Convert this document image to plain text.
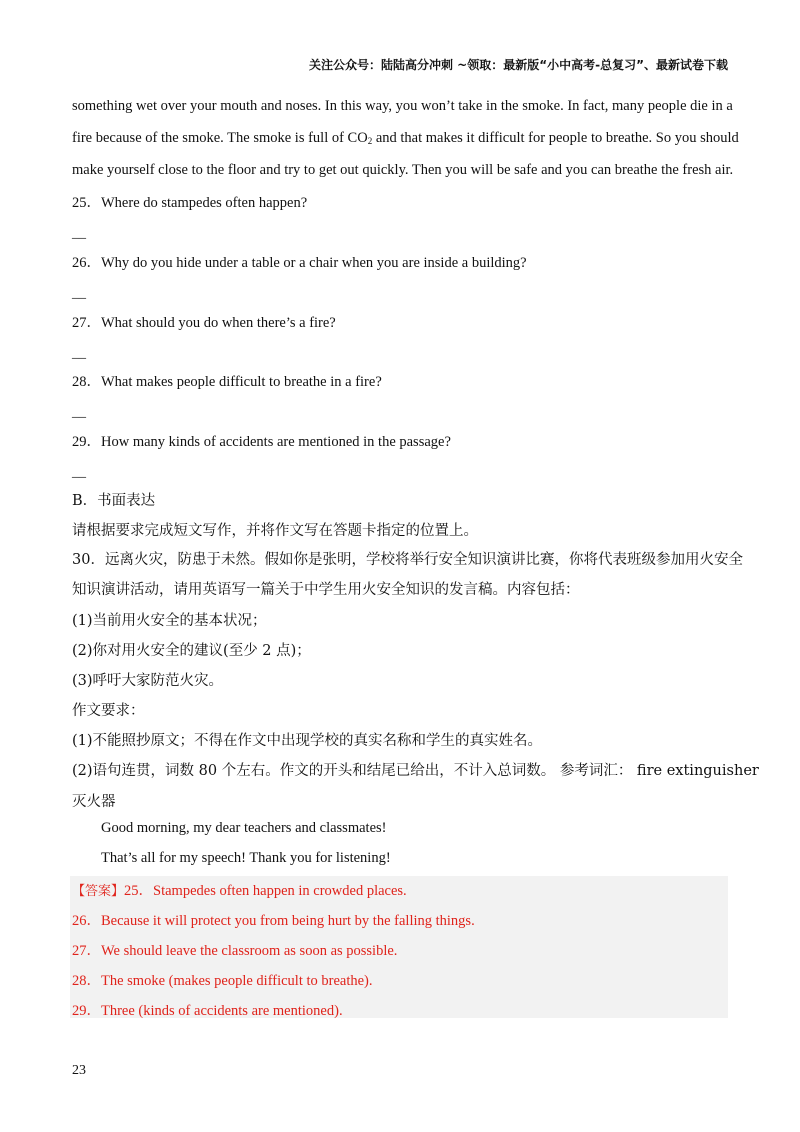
关注公众号：陆陆高分冲刺 ~领取：最新版“小中高考-总复习”、最新试卷下载
something wet over your mouth and noses. In this way, you won’t take in the smoke. In fact, many people die in a
fire because of the smoke. The smoke is full of $CO_2$ and that makes it difficult for people to breathe. So you should
make yourself close to the floor and try to get out quickly. Then you will be safe and you can breathe the fresh air.
25．Where do stampedes often happen?
__
26．Why do you hide under a table or a chair when you are inside a building?
__
27．What should you do when there’s a fire?
__
28．What makes people difficult to breathe in a fire?
__
29．How many kinds of accidents are mentioned in the passage?
__
B．书面表达
请根据要求完成短文写作，并将作文写在答题卡指定的位置上。
30．远离火灾，防患于未然。假如你是张明，学校将举行安全知识演讲比赛，你将代表班级参加用火安全
知识演讲活动，请用英语写一篇关于中学生用火安全知识的发言稿。内容包括：
(1)当前用火安全的基本状况；
(2)你对用火安全的建议(至少 2 点)；
(3)呼吁大家防范火灾。
作文要求：
(1)不能照抄原文；不得在作文中出现学校的真实名称和学生的真实姓名。
(2)语句连贯，词数 80 个左右。作文的开头和结尾已给出，不计入总词数。 参考词汇： fire extinguisher
灭火器
Good morning, my dear teachers and classmates!
That’s all for my speech! Thank you for listening!
【答案】25．Stampedes often happen in crowded places.
26．Because it will protect you from being hurt by the falling things.
27．We should leave the classroom as soon as possible.
28．The smoke (makes people difficult to breathe).
29．Three (kinds of accidents are mentioned).
23
